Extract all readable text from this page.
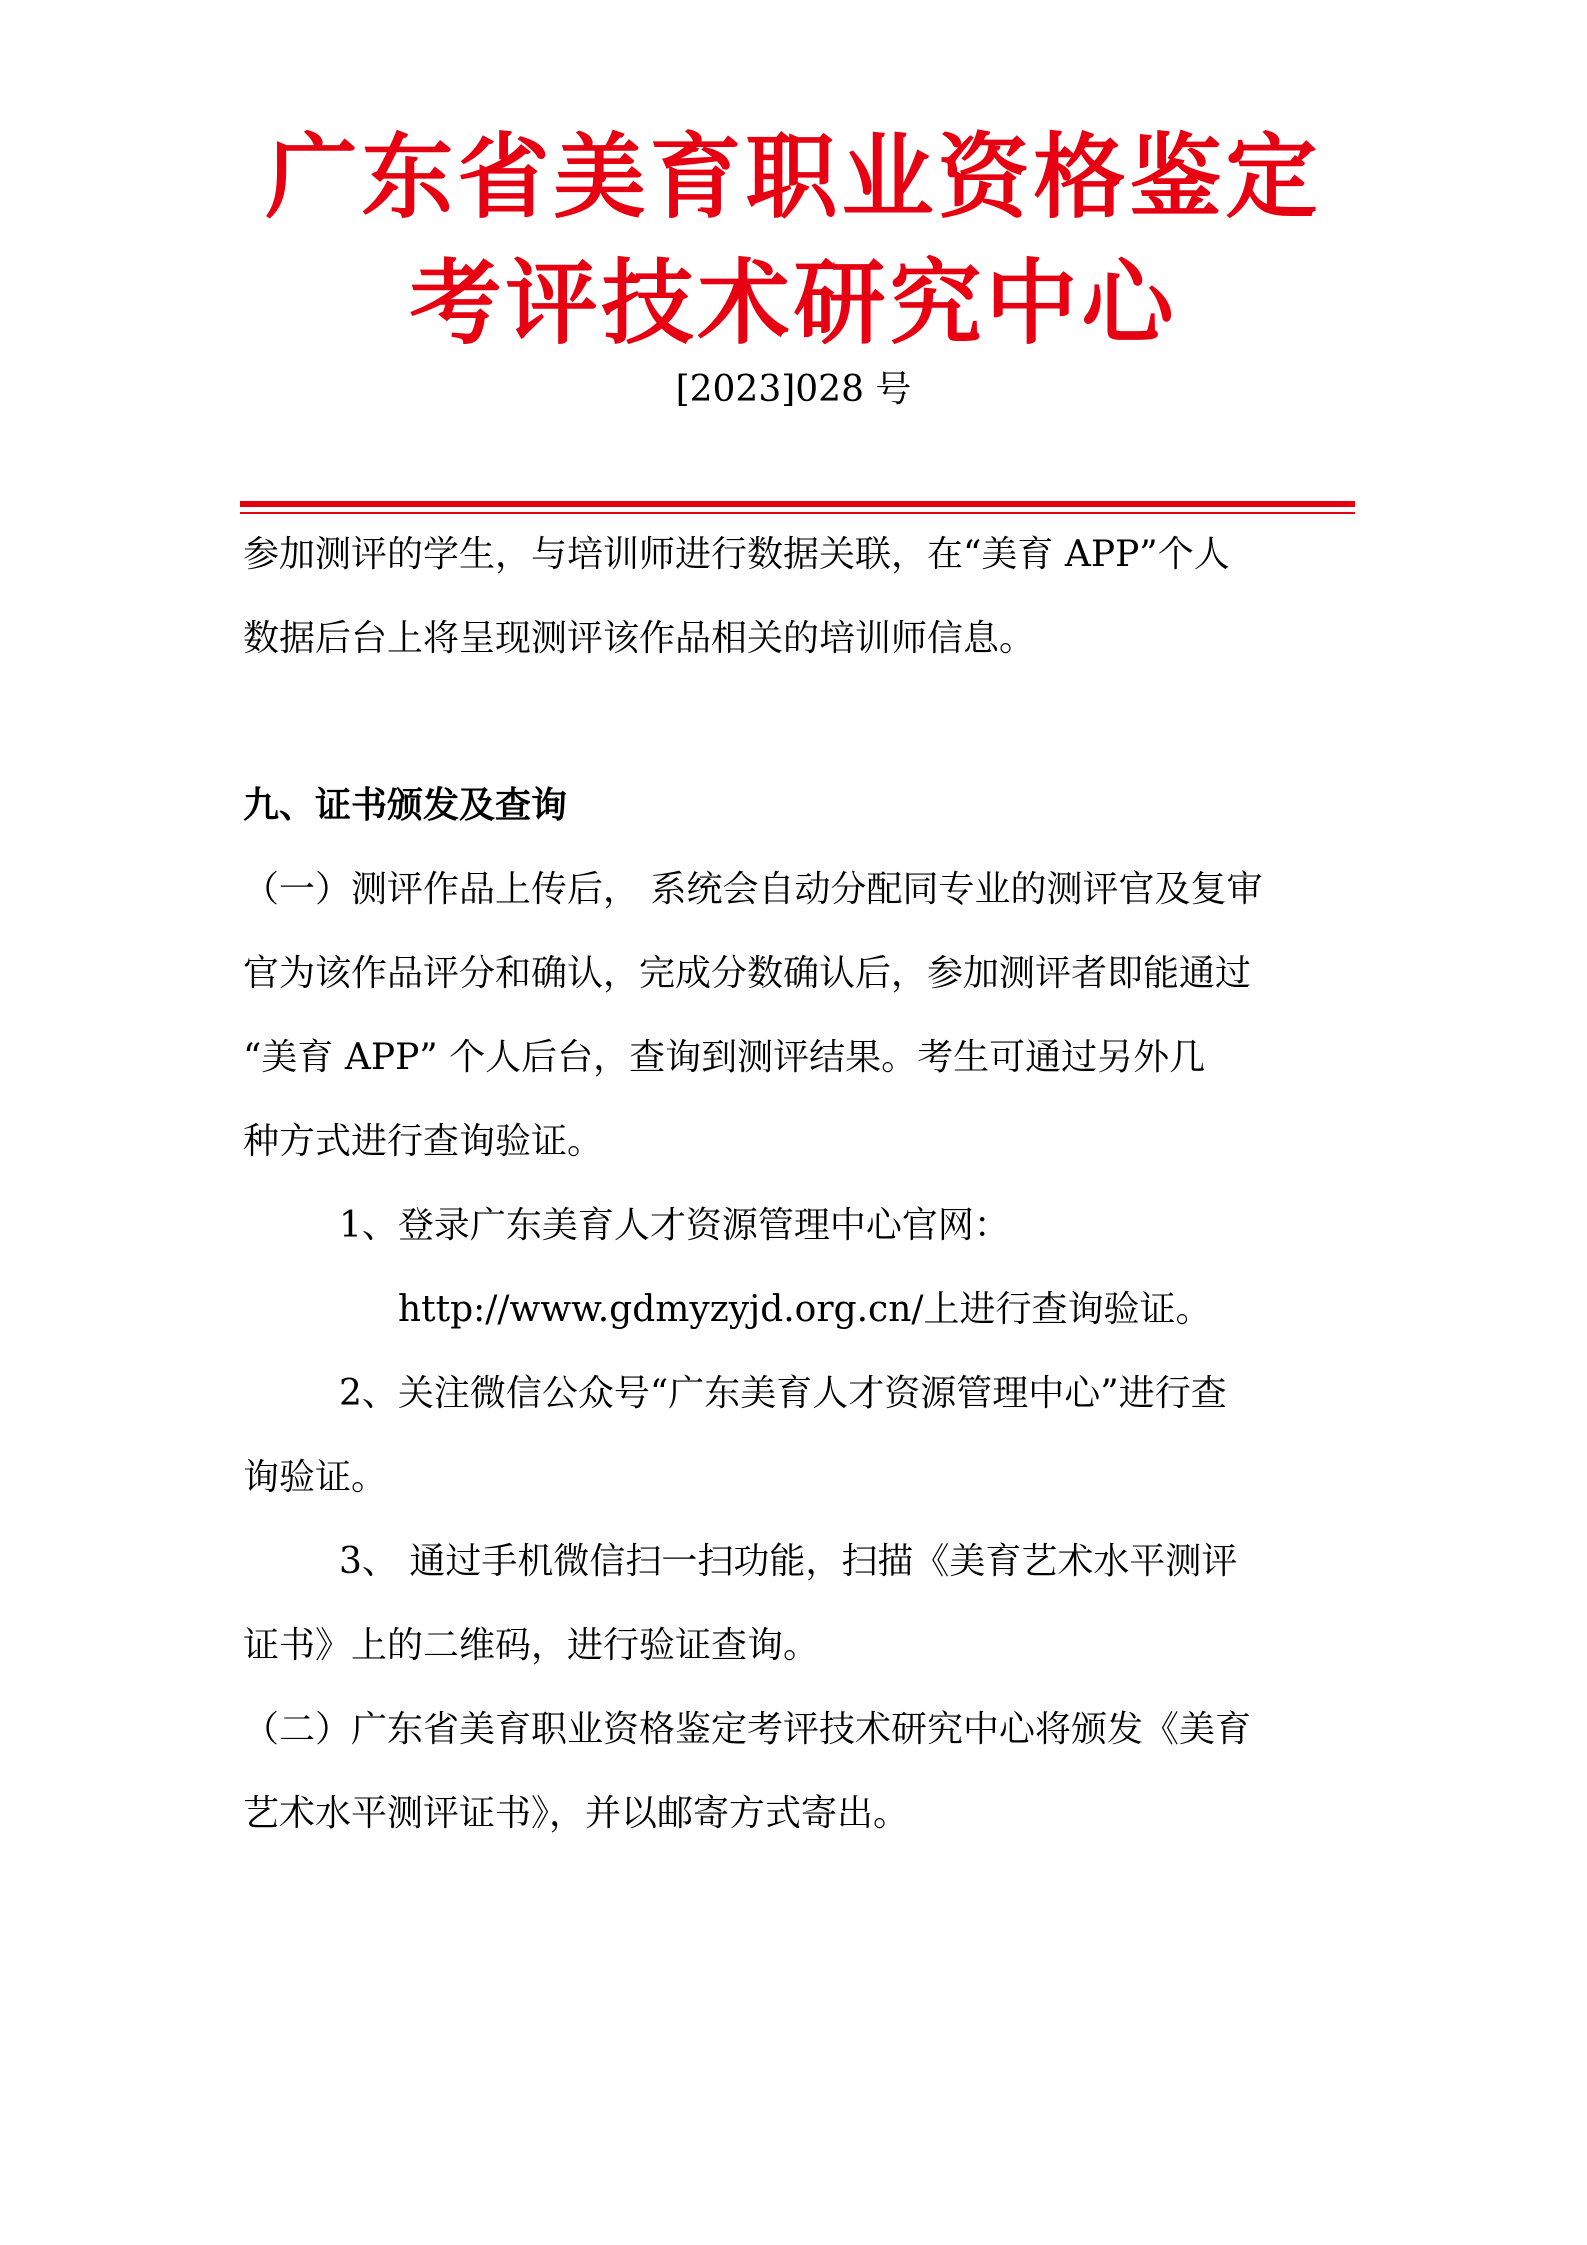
广东省美育职业资格鉴定
考评技术研究中心
[2023]028 号
参加测评的学生，与培训师进行数据关联，在“美育 APP”个人
数据后台上将呈现测评该作品相关的培训师信息。
九、证书颁发及查询
（一）测评作品上传后， 系统会自动分配同专业的测评官及复审
官为该作品评分和确认，完成分数确认后，参加测评者即能通过
“美育 APP” 个人后台，查询到测评结果。考生可通过另外几
种方式进行查询验证。
1、登录广东美育人才资源管理中心官网：
http://www.gdmyzyjd.org.cn/上进行查询验证。
2、关注微信公众号“广东美育人才资源管理中心”进行查
询验证。
3、 通过手机微信扫一扫功能，扫描《美育艺术水平测评
证书》上的二维码，进行验证查询。
（二）广东省美育职业资格鉴定考评技术研究中心将颁发《美育
艺术水平测评证书》，并以邮寄方式寄出。
